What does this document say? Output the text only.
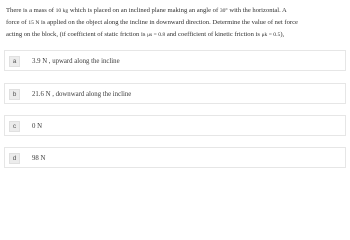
There is a mass of 10 kg which is placed on an inclined plane making an angle of 30° with the horizontal. A
force of 15 N is applied on the object along the incline in downward direction. Determine the value of net force
acting on the block, (if coefficient of static friction is μs = 0.8 and coefficient of kinetic friction is μk = 0.5),
a	3.9 N , upward along the incline
b	21.6 N , downward along the incline
c	0 N
d	98 N
